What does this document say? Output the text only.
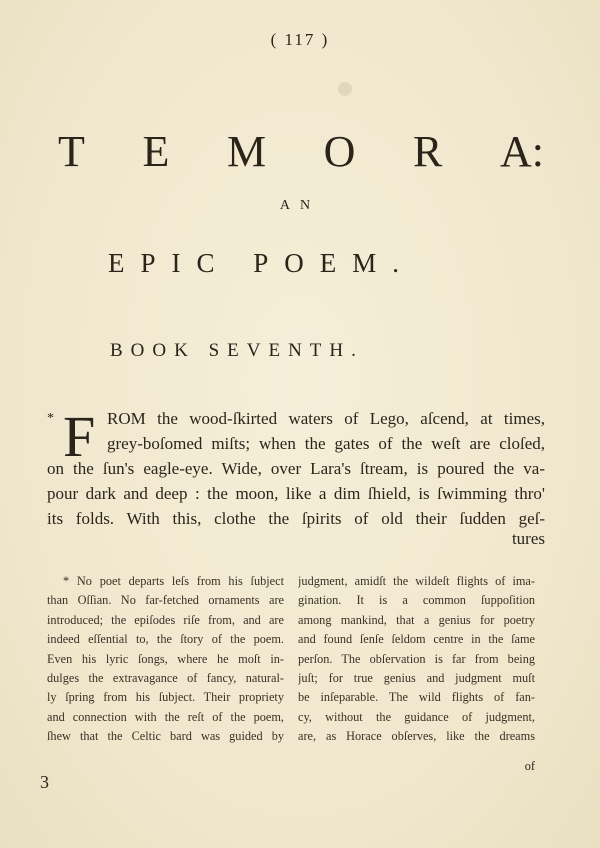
( 117 )
T E M O R A:
AN
EPIC POEM.
BOOK SEVENTH.
* F ROM the wood-ſkirted waters of Lego, aſcend, at times,
grey-boſomed miſts; when the gates of the weſt are cloſed,
on the ſun's eagle-eye. Wide, over Lara's ſtream, is poured the va-
pour dark and deep : the moon, like a dim ſhield, is ſwimming thro'
its folds. With this, clothe the ſpirits of old their ſudden geſ-
tures
* No poet departs leſs from his ſubject
than Oſſian. No far-fetched ornaments are
introduced; the epiſodes riſe from, and are
indeed eſſential to, the ſtory of the poem.
Even his lyric ſongs, where he moſt in-
dulges the extravagance of fancy, natural-
ly ſpring from his ſubject. Their propriety
and connection with the reſt of the poem,
ſhew that the Celtic bard was guided by
judgment, amidſt the wildeſt flights of ima-
gination. It is a common ſuppoſition
among mankind, that a genius for poetry
and found ſenſe ſeldom centre in the ſame
perſon. The obſervation is far from being
juſt; for true genius and judgment muſt
be inſeparable. The wild flights of fan-
cy, without the guidance of judgment,
are, as Horace obſerves, like the dreams
of
3
